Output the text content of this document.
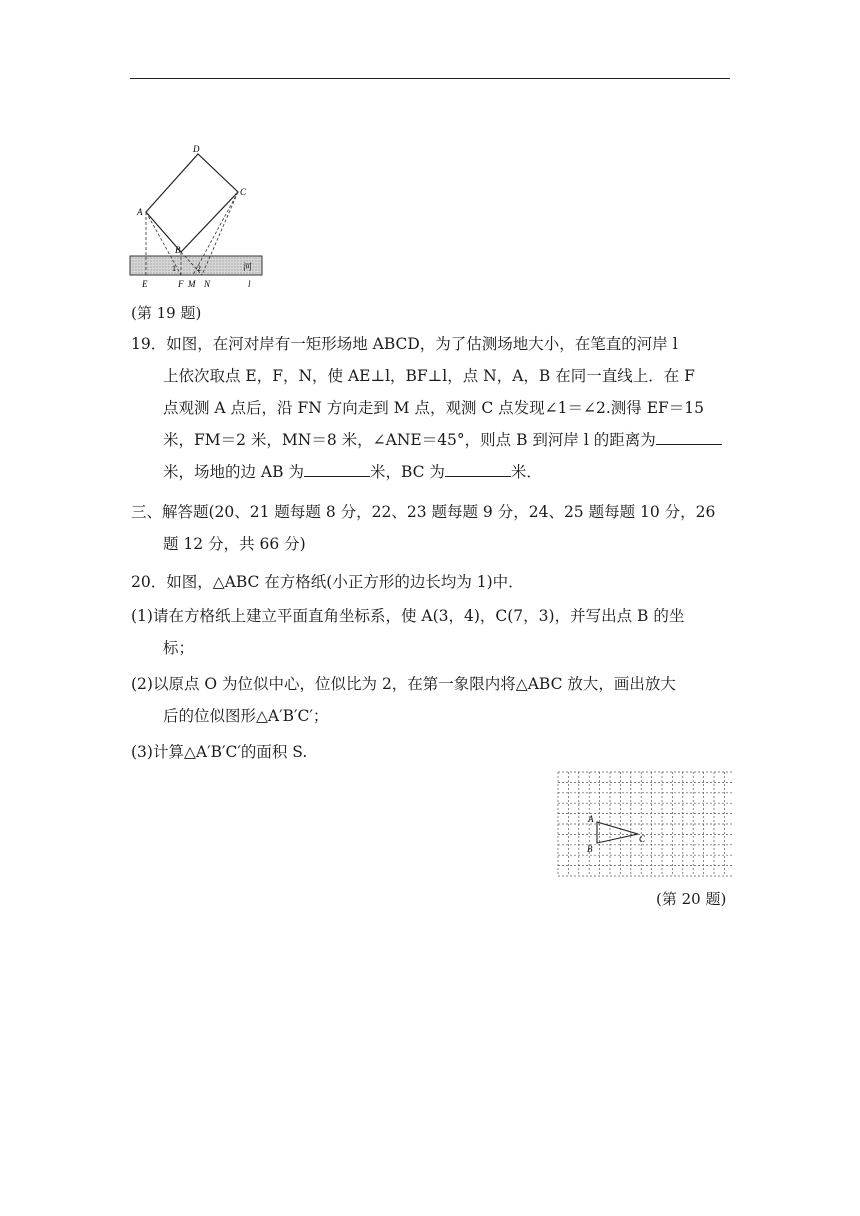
D
C
A
B
1	2	河
E	F M N	l
(第 19 题)
19．如图，在河对岸有一矩形场地 ABCD，为了估测场地大小，在笔直的河岸 l
上依次取点 E，F，N，使 AE⊥l，BF⊥l，点 N，A，B 在同一直线上．在 F
点观测 A 点后，沿 FN 方向走到 M 点，观测 C 点发现∠1＝∠2.测得 EF＝15
米，FM＝2 米，MN＝8 米，∠ANE＝45°，则点 B 到河岸 l 的距离为
米，场地的边 AB 为	米，BC 为	米．
三、解答题(20、21 题每题 8 分，22、23 题每题 9 分，24、25 题每题 10 分，26
题 12 分，共 66 分)
20．如图，△ABC 在方格纸(小正方形的边长均为 1)中．
(1)请在方格纸上建立平面直角坐标系，使 A(3，4)，C(7，3)，并写出点 B 的坐
标；
(2)以原点 O 为位似中心，位似比为 2，在第一象限内将△ABC 放大，画出放大
后的位似图形△A′B′C′；
(3)计算△A′B′C′的面积 S.
A
B
C
(第 20 题)
